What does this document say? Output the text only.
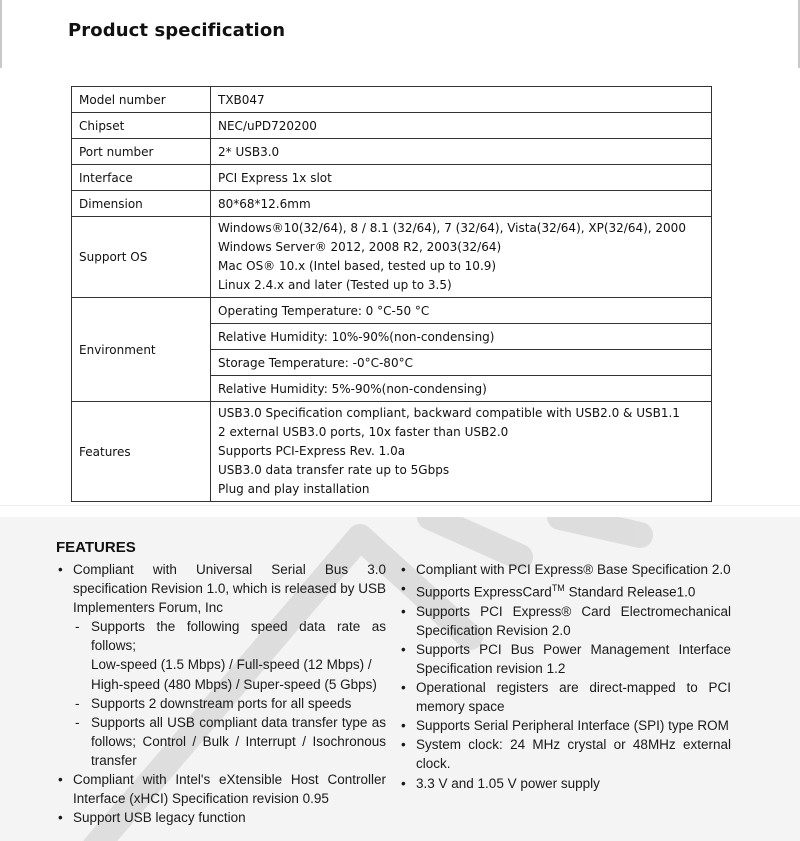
Product specification
Model number	TXB047
Chipset	NEC/uPD720200
Port number	2* USB3.0
Interface	PCI Express 1x slot
Dimension	80*68*12.6mm
Support OS	Windows®10(32/64), 8 / 8.1 (32/64), 7 (32/64), Vista(32/64), XP(32/64), 2000
Windows Server® 2012, 2008 R2, 2003(32/64)
Mac OS® 10.x (Intel based, tested up to 10.9)
Linux 2.4.x and later (Tested up to 3.5)

Environment	Operating Temperature: 0 °C-50 °C
	Relative Humidity: 10%-90%(non-condensing)
	Storage Temperature: -0°C-80°C
	Relative Humidity: 5%-90%(non-condensing)
Features	USB3.0 Specification compliant, backward compatible with USB2.0 & USB1.1
2 external USB3.0 ports, 10x faster than USB2.0
Supports PCI-Express Rev. 1.0a
USB3.0 data transfer rate up to 5Gbps
Plug and play installation
FEATURES
• Compliant with Universal Serial Bus 3.0 specification Revision 1.0, which is released by USB Implementers Forum, Inc
- Supports the following speed data rate as follows;
Low-speed (1.5 Mbps) / Full-speed (12 Mbps) /
High-speed (480 Mbps) / Super-speed (5 Gbps)
- Supports 2 downstream ports for all speeds
- Supports all USB compliant data transfer type as follows; Control / Bulk / Interrupt / Isochronous transfer
• Compliant with Intel's eXtensible Host Controller Interface (xHCI) Specification revision 0.95
• Support USB legacy function
• Compliant with PCI Express® Base Specification 2.0
• Supports ExpressCard™ Standard Release1.0
• Supports PCI Express® Card Electromechanical Specification Revision 2.0
• Supports PCI Bus Power Management Interface Specification revision 1.2
• Operational registers are direct-mapped to PCI memory space
• Supports Serial Peripheral Interface (SPI) type ROM
• System clock: 24 MHz crystal or 48MHz external clock.
• 3.3 V and 1.05 V power supply
